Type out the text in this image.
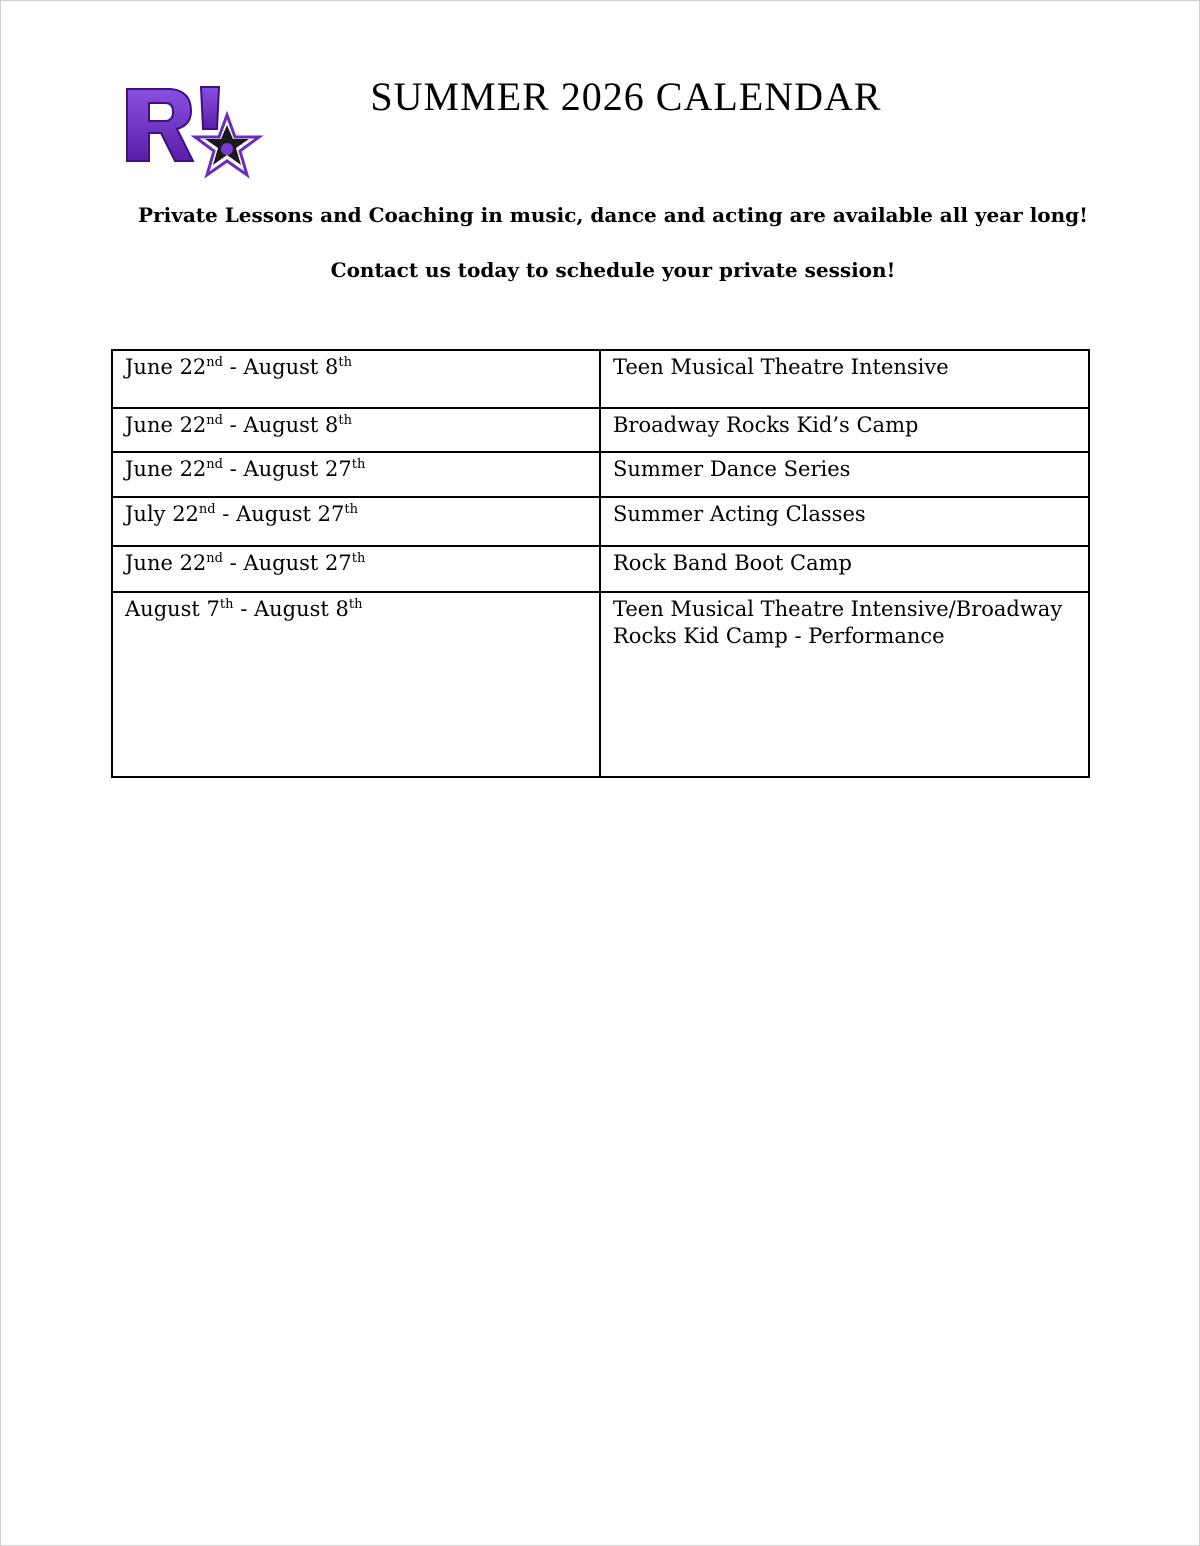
SUMMER 2026 CALENDAR

Private Lessons and Coaching in music, dance and acting are available all year long!

Contact us today to schedule your private session!

June 22nd - August 8th	Teen Musical Theatre Intensive
June 22nd - August 8th	Broadway Rocks Kid’s Camp
June 22nd - August 27th	Summer Dance Series
July 22nd - August 27th	Summer Acting Classes
June 22nd - August 27th	Rock Band Boot Camp
August 7th - August 8th	Teen Musical Theatre Intensive/Broadway Rocks Kid Camp - Performance
